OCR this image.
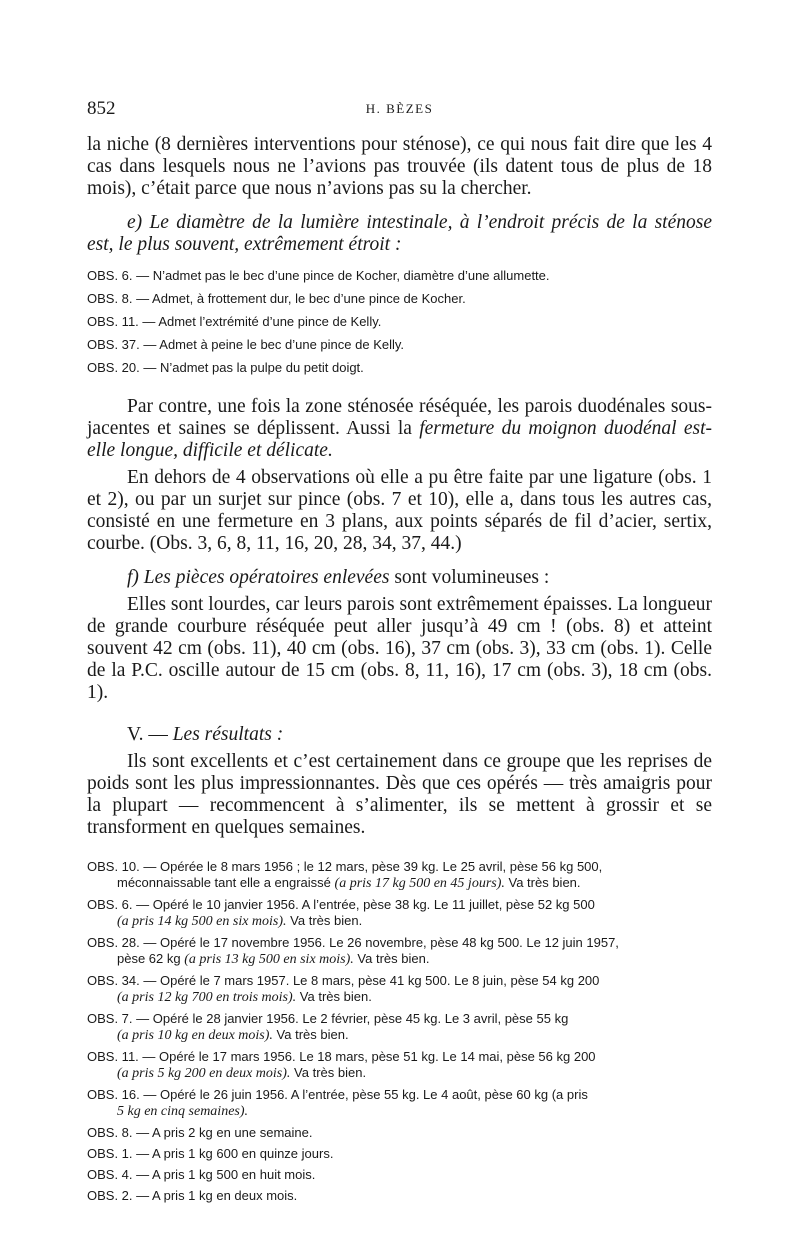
852	H. BÈZES

la niche (8 dernières interventions pour sténose), ce qui nous fait dire que les 4 cas dans lesquels nous ne l’avions pas trouvée (ils datent tous de plus de 18 mois), c’était parce que nous n’avions pas su la chercher.

e) Le diamètre de la lumière intestinale, à l’endroit précis de la sténose est, le plus souvent, extrêmement étroit :

OBS. 6. — N’admet pas le bec d’une pince de Kocher, diamètre d’une allumette.
OBS. 8. — Admet, à frottement dur, le bec d’une pince de Kocher.
OBS. 11. — Admet l’extrémité d’une pince de Kelly.
OBS. 37. — Admet à peine le bec d’une pince de Kelly.
OBS. 20. — N’admet pas la pulpe du petit doigt.

Par contre, une fois la zone sténosée réséquée, les parois duodénales sous-jacentes et saines se déplissent. Aussi la fermeture du moignon duodénal est-elle longue, difficile et délicate.

En dehors de 4 observations où elle a pu être faite par une ligature (obs. 1 et 2), ou par un surjet sur pince (obs. 7 et 10), elle a, dans tous les autres cas, consisté en une fermeture en 3 plans, aux points séparés de fil d’acier, sertix, courbe. (Obs. 3, 6, 8, 11, 16, 20, 28, 34, 37, 44.)

f) Les pièces opératoires enlevées sont volumineuses :

Elles sont lourdes, car leurs parois sont extrêmement épaisses. La longueur de grande courbure réséquée peut aller jusqu’à 49 cm ! (obs. 8) et atteint souvent 42 cm (obs. 11), 40 cm (obs. 16), 37 cm (obs. 3), 33 cm (obs. 1). Celle de la P.C. oscille autour de 15 cm (obs. 8, 11, 16), 17 cm (obs. 3), 18 cm (obs. 1).

V. — Les résultats :

Ils sont excellents et c’est certainement dans ce groupe que les reprises de poids sont les plus impressionnantes. Dès que ces opérés — très amaigris pour la plupart — recommencent à s’alimenter, ils se mettent à grossir et se transforment en quelques semaines.

OBS. 10. — Opérée le 8 mars 1956 ; le 12 mars, pèse 39 kg. Le 25 avril, pèse 56 kg 500,
méconnaissable tant elle a engraissé (a pris 17 kg 500 en 45 jours). Va très bien.
OBS. 6. — Opéré le 10 janvier 1956. A l’entrée, pèse 38 kg. Le 11 juillet, pèse 52 kg 500
(a pris 14 kg 500 en six mois). Va très bien.
OBS. 28. — Opéré le 17 novembre 1956. Le 26 novembre, pèse 48 kg 500. Le 12 juin 1957,
pèse 62 kg (a pris 13 kg 500 en six mois). Va très bien.
OBS. 34. — Opéré le 7 mars 1957. Le 8 mars, pèse 41 kg 500. Le 8 juin, pèse 54 kg 200
(a pris 12 kg 700 en trois mois). Va très bien.
OBS. 7. — Opéré le 28 janvier 1956. Le 2 février, pèse 45 kg. Le 3 avril, pèse 55 kg
(a pris 10 kg en deux mois). Va très bien.
OBS. 11. — Opéré le 17 mars 1956. Le 18 mars, pèse 51 kg. Le 14 mai, pèse 56 kg 200
(a pris 5 kg 200 en deux mois). Va très bien.
OBS. 16. — Opéré le 26 juin 1956. A l’entrée, pèse 55 kg. Le 4 août, pèse 60 kg (a pris
5 kg en cinq semaines).
OBS. 8. — A pris 2 kg en une semaine.
OBS. 1. — A pris 1 kg 600 en quinze jours.
OBS. 4. — A pris 1 kg 500 en huit mois.
OBS. 2. — A pris 1 kg en deux mois.
